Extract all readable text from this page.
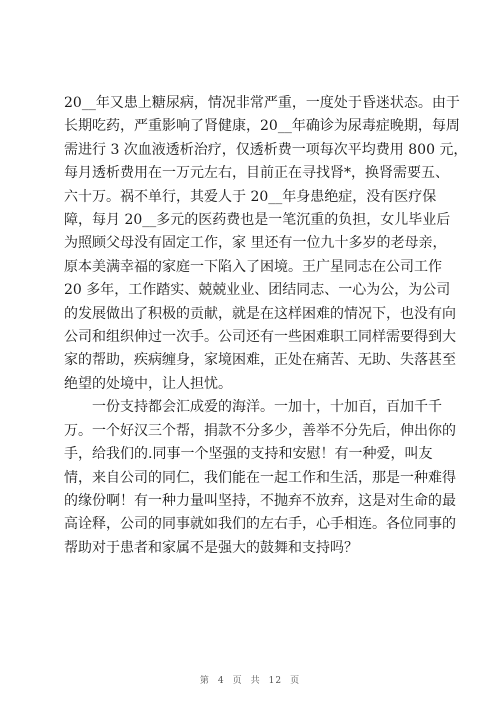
20__年又患上糖尿病，情况非常严重，一度处于昏迷状态。由于
长期吃药，严重影响了肾健康，20__年确诊为尿毒症晚期，每周
需进行 3 次血液透析治疗，仅透析费一项每次平均费用 800 元，
每月透析费用在一万元左右，目前正在寻找肾*，换肾需要五、
六十万。祸不单行，其爱人于 20__年身患绝症，没有医疗保
障，每月 20__多元的医药费也是一笔沉重的负担，女儿毕业后
为照顾父母没有固定工作，家 里还有一位九十多岁的老母亲，
原本美满幸福的家庭一下陷入了困境。王广星同志在公司工作
20 多年，工作踏实、兢兢业业、团结同志、一心为公，为公司
的发展做出了积极的贡献，就是在这样困难的情况下，也没有向
公司和组织伸过一次手。公司还有一些困难职工同样需要得到大
家的帮助，疾病缠身，家境困难，正处在痛苦、无助、失落甚至
绝望的处境中，让人担忧。

一份支持都会汇成爱的海洋。一加十，十加百，百加千千
万。一个好汉三个帮，捐款不分多少，善举不分先后，伸出你的
手，给我们的.同事一个坚强的支持和安慰！有一种爱，叫友
情，来自公司的同仁，我们能在一起工作和生活，那是一种难得
的缘份啊！有一种力量叫坚持，不抛弃不放弃，这是对生命的最
高诠释，公司的同事就如我们的左右手，心手相连。各位同事的
帮助对于患者和家属不是强大的鼓舞和支持吗？

第 4 页 共 12 页
